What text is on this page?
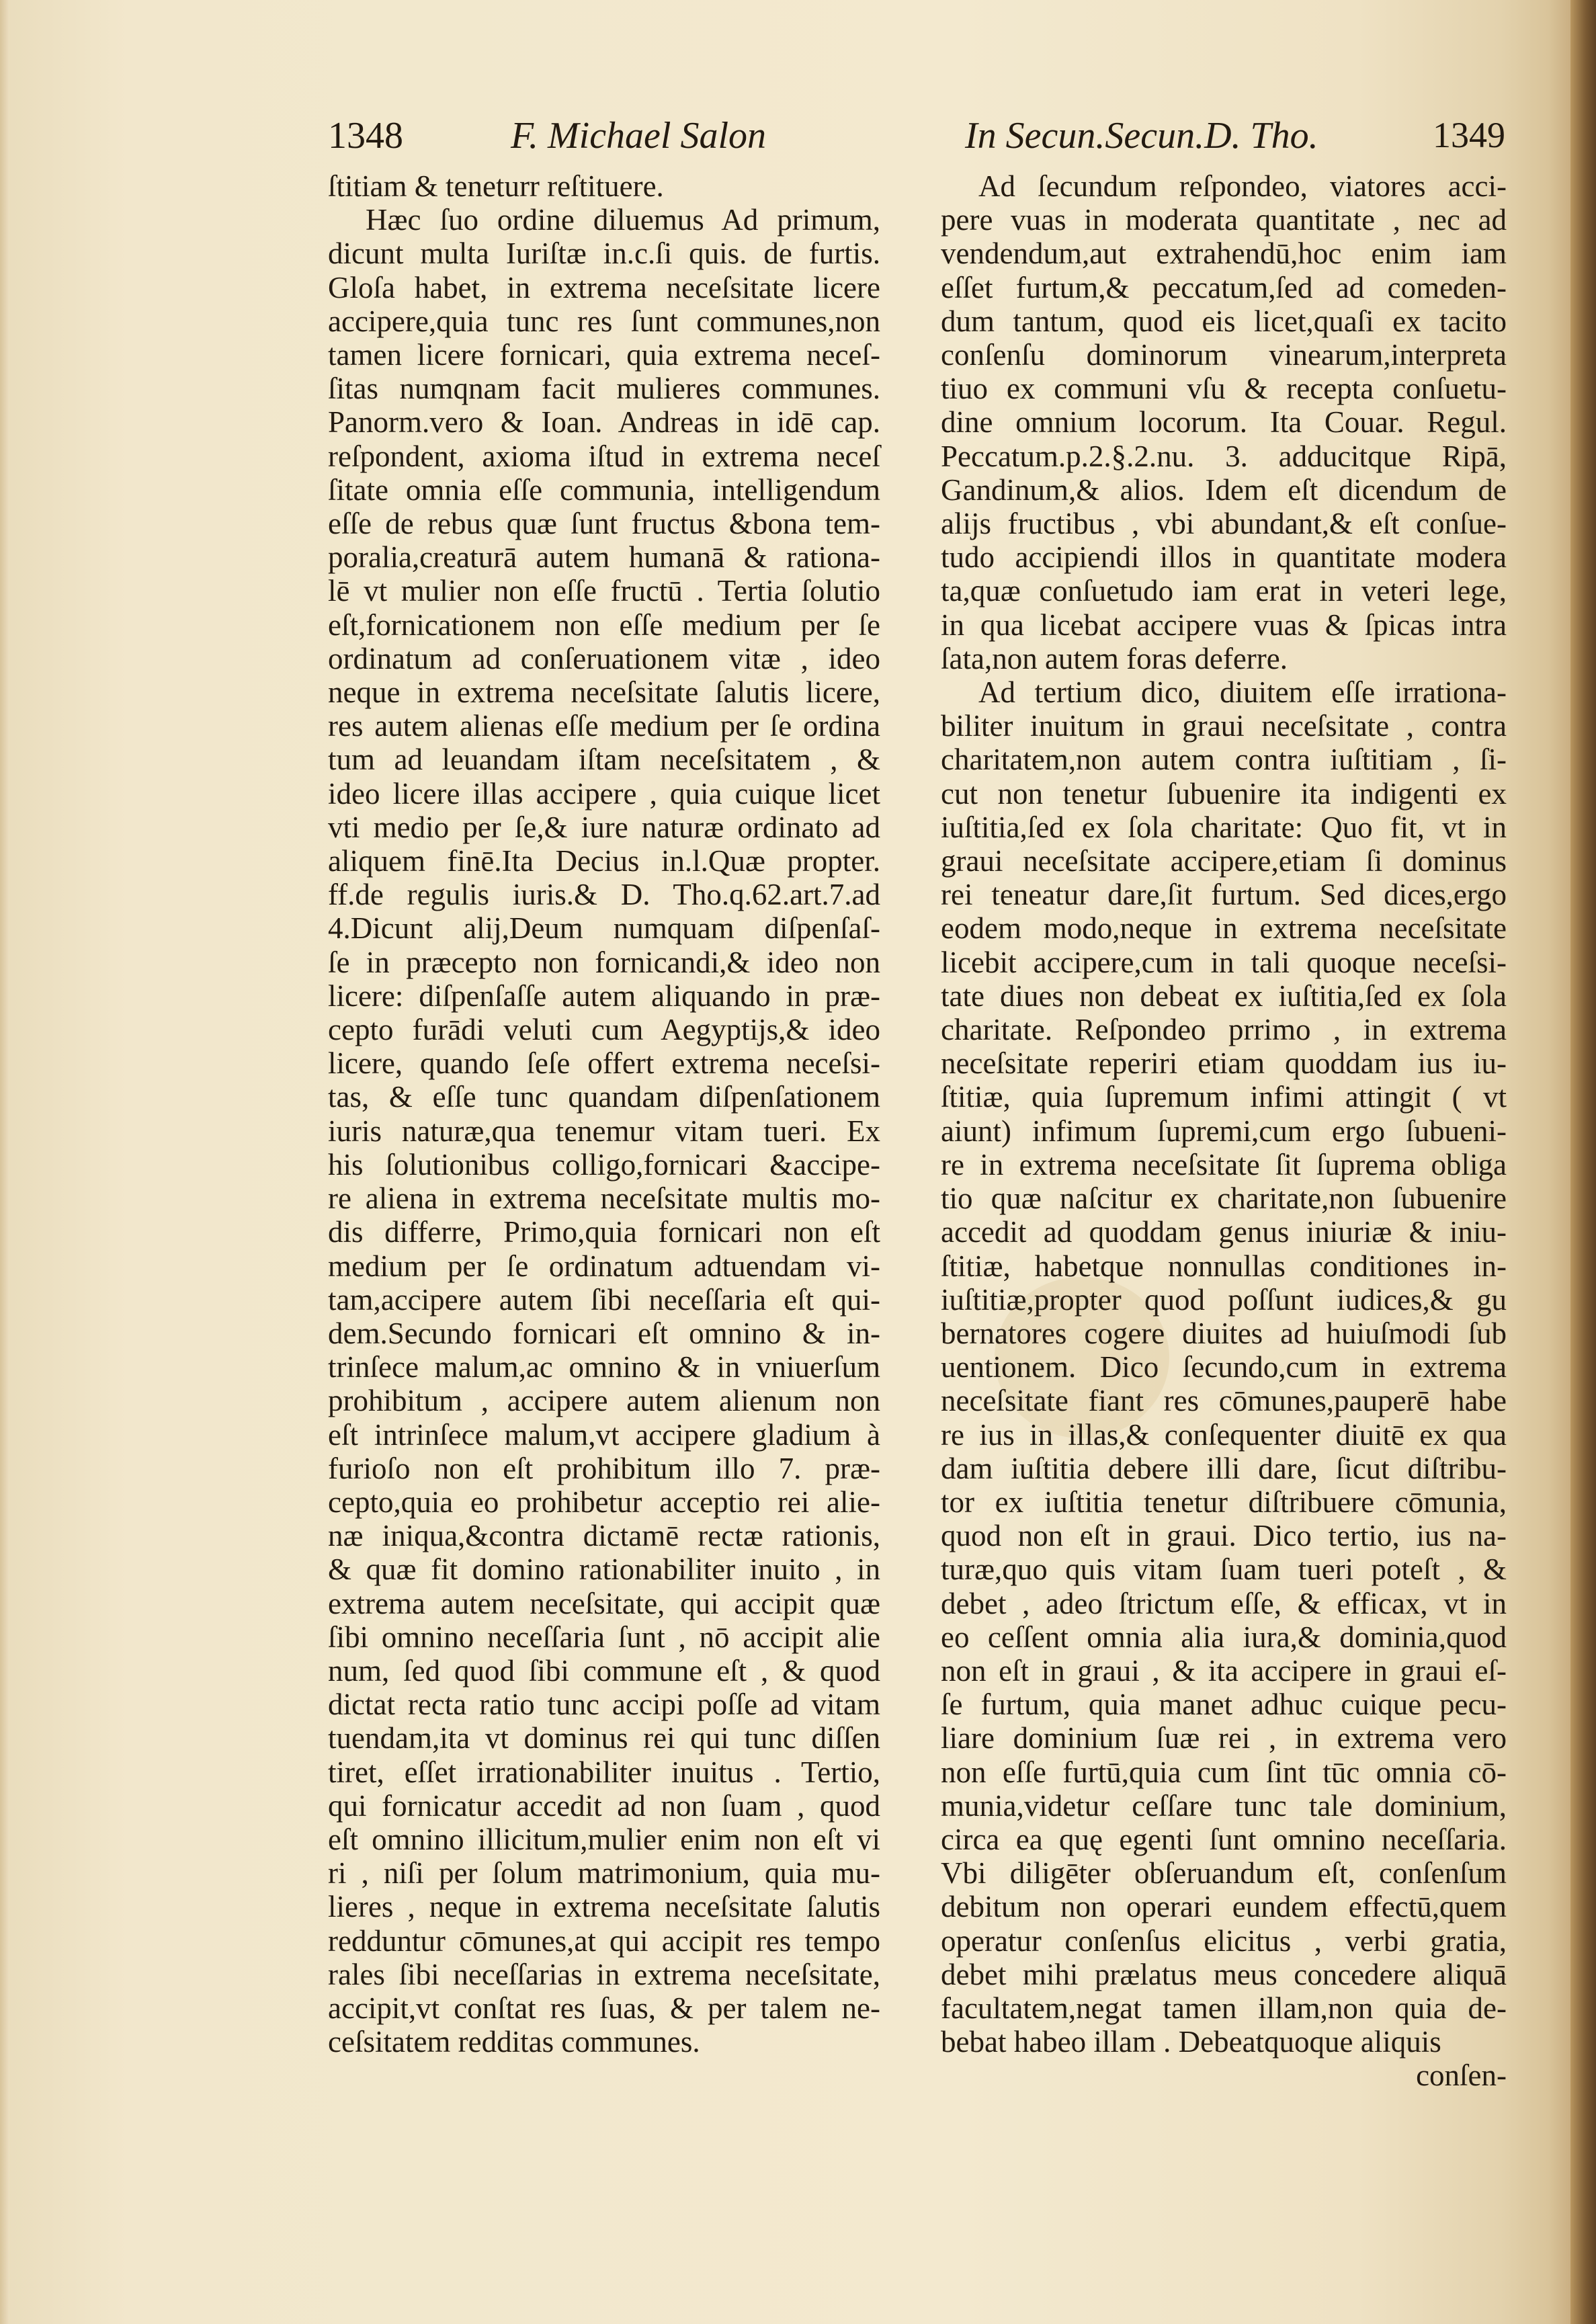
1348	F. Michael Salon	In Secun.Secun.D. Tho.	1349
ſtitiam & teneturr reſtituere.
Hæc ſuo ordine diluemus Ad primum,
dicunt multa Iuriſtæ in.c.ſi quis. de furtis.
Gloſa habet, in extrema neceſsitate licere
accipere,quia tunc res ſunt communes,non
tamen licere fornicari, quia extrema neceſ-
ſitas numqnam facit mulieres communes.
Panorm.vero & Ioan. Andreas in idē cap.
reſpondent, axioma iſtud in extrema neceſ
ſitate omnia eſſe communia, intelligendum
eſſe de rebus quæ ſunt fructus &bona tem-
poralia,creaturā autem humanā & rationa-
lē vt mulier non eſſe fructū . Tertia ſolutio
eſt,fornicationem non eſſe medium per ſe
ordinatum ad conſeruationem vitæ , ideo
neque in extrema neceſsitate ſalutis licere,
res autem alienas eſſe medium per ſe ordina
tum ad leuandam iſtam neceſsitatem , &
ideo licere illas accipere , quia cuique licet
vti medio per ſe,& iure naturæ ordinato ad
aliquem finē.Ita Decius in.l.Quæ propter.
ff.de regulis iuris.& D. Tho.q.62.art.7.ad
4.Dicunt alij,Deum numquam diſpenſaſ-
ſe in præcepto non fornicandi,& ideo non
licere: diſpenſaſſe autem aliquando in præ-
cepto furādi veluti cum Aegyptijs,& ideo
licere, quando ſeſe offert extrema neceſsi-
tas, & eſſe tunc quandam diſpenſationem
iuris naturæ,qua tenemur vitam tueri. Ex
his ſolutionibus colligo,fornicari &accipe-
re aliena in extrema neceſsitate multis mo-
dis differre, Primo,quia fornicari non eſt
medium per ſe ordinatum adtuendam vi-
tam,accipere autem ſibi neceſſaria eſt qui-
dem.Secundo fornicari eſt omnino & in-
trinſece malum,ac omnino & in vniuerſum
prohibitum , accipere autem alienum non
eſt intrinſece malum,vt accipere gladium à
furioſo non eſt prohibitum illo 7. præ-
cepto,quia eo prohibetur acceptio rei alie-
næ iniqua,&contra dictamē rectæ rationis,
& quæ fit domino rationabiliter inuito , in
extrema autem neceſsitate, qui accipit quæ
ſibi omnino neceſſaria ſunt , nō accipit alie
num, ſed quod ſibi commune eſt , & quod
dictat recta ratio tunc accipi poſſe ad vitam
tuendam,ita vt dominus rei qui tunc diſſen
tiret, eſſet irrationabiliter inuitus . Tertio,
qui fornicatur accedit ad non ſuam , quod
eſt omnino illicitum,mulier enim non eſt vi
ri , niſi per ſolum matrimonium, quia mu-
lieres , neque in extrema neceſsitate ſalutis
redduntur cōmunes,at qui accipit res tempo
rales ſibi neceſſarias in extrema neceſsitate,
accipit,vt conſtat res ſuas, & per talem ne-
ceſsitatem redditas communes.
Ad ſecundum reſpondeo, viatores acci-
pere vuas in moderata quantitate , nec ad
vendendum,aut extrahendū,hoc enim iam
eſſet furtum,& peccatum,ſed ad comeden-
dum tantum, quod eis licet,quaſi ex tacito
conſenſu dominorum vinearum,interpreta
tiuo ex communi vſu & recepta conſuetu-
dine omnium locorum. Ita Couar. Regul.
Peccatum.p.2.§.2.nu. 3. adducitque Ripā,
Gandinum,& alios. Idem eſt dicendum de
alijs fructibus , vbi abundant,& eſt conſue-
tudo accipiendi illos in quantitate modera
ta,quæ conſuetudo iam erat in veteri lege,
in qua licebat accipere vuas & ſpicas intra
ſata,non autem foras deferre.
Ad tertium dico, diuitem eſſe irrationa-
biliter inuitum in graui neceſsitate , contra
charitatem,non autem contra iuſtitiam , ſi-
cut non tenetur ſubuenire ita indigenti ex
iuſtitia,ſed ex ſola charitate: Quo fit, vt in
graui neceſsitate accipere,etiam ſi dominus
rei teneatur dare,ſit furtum. Sed dices,ergo
eodem modo,neque in extrema neceſsitate
licebit accipere,cum in tali quoque neceſsi-
tate diues non debeat ex iuſtitia,ſed ex ſola
charitate. Reſpondeo prrimo , in extrema
neceſsitate reperiri etiam quoddam ius iu-
ſtitiæ, quia ſupremum infimi attingit ( vt
aiunt) infimum ſupremi,cum ergo ſubueni-
re in extrema neceſsitate ſit ſuprema obliga
tio quæ naſcitur ex charitate,non ſubuenire
accedit ad quoddam genus iniuriæ & iniu-
ſtitiæ, habetque nonnullas conditiones in-
iuſtitiæ,propter quod poſſunt iudices,& gu
bernatores cogere diuites ad huiuſmodi ſub
uentionem. Dico ſecundo,cum in extrema
neceſsitate fiant res cōmunes,pauperē habe
re ius in illas,& conſequenter diuitē ex qua
dam iuſtitia debere illi dare, ſicut diſtribu-
tor ex iuſtitia tenetur diſtribuere cōmunia,
quod non eſt in graui. Dico tertio, ius na-
turæ,quo quis vitam ſuam tueri poteſt , &
debet , adeo ſtrictum eſſe, & efficax, vt in
eo ceſſent omnia alia iura,& dominia,quod
non eſt in graui , & ita accipere in graui eſ-
ſe furtum, quia manet adhuc cuique pecu-
liare dominium ſuæ rei , in extrema vero
non eſſe furtū,quia cum ſint tūc omnia cō-
munia,videtur ceſſare tunc tale dominium,
circa ea quę egenti ſunt omnino neceſſaria.
Vbi diligēter obſeruandum eſt, conſenſum
debitum non operari eundem effectū,quem
operatur conſenſus elicitus , verbi gratia,
debet mihi prælatus meus concedere aliquā
facultatem,negat tamen illam,non quia de-
bebat habeo illam . Debeatquoque aliquis
conſen-
